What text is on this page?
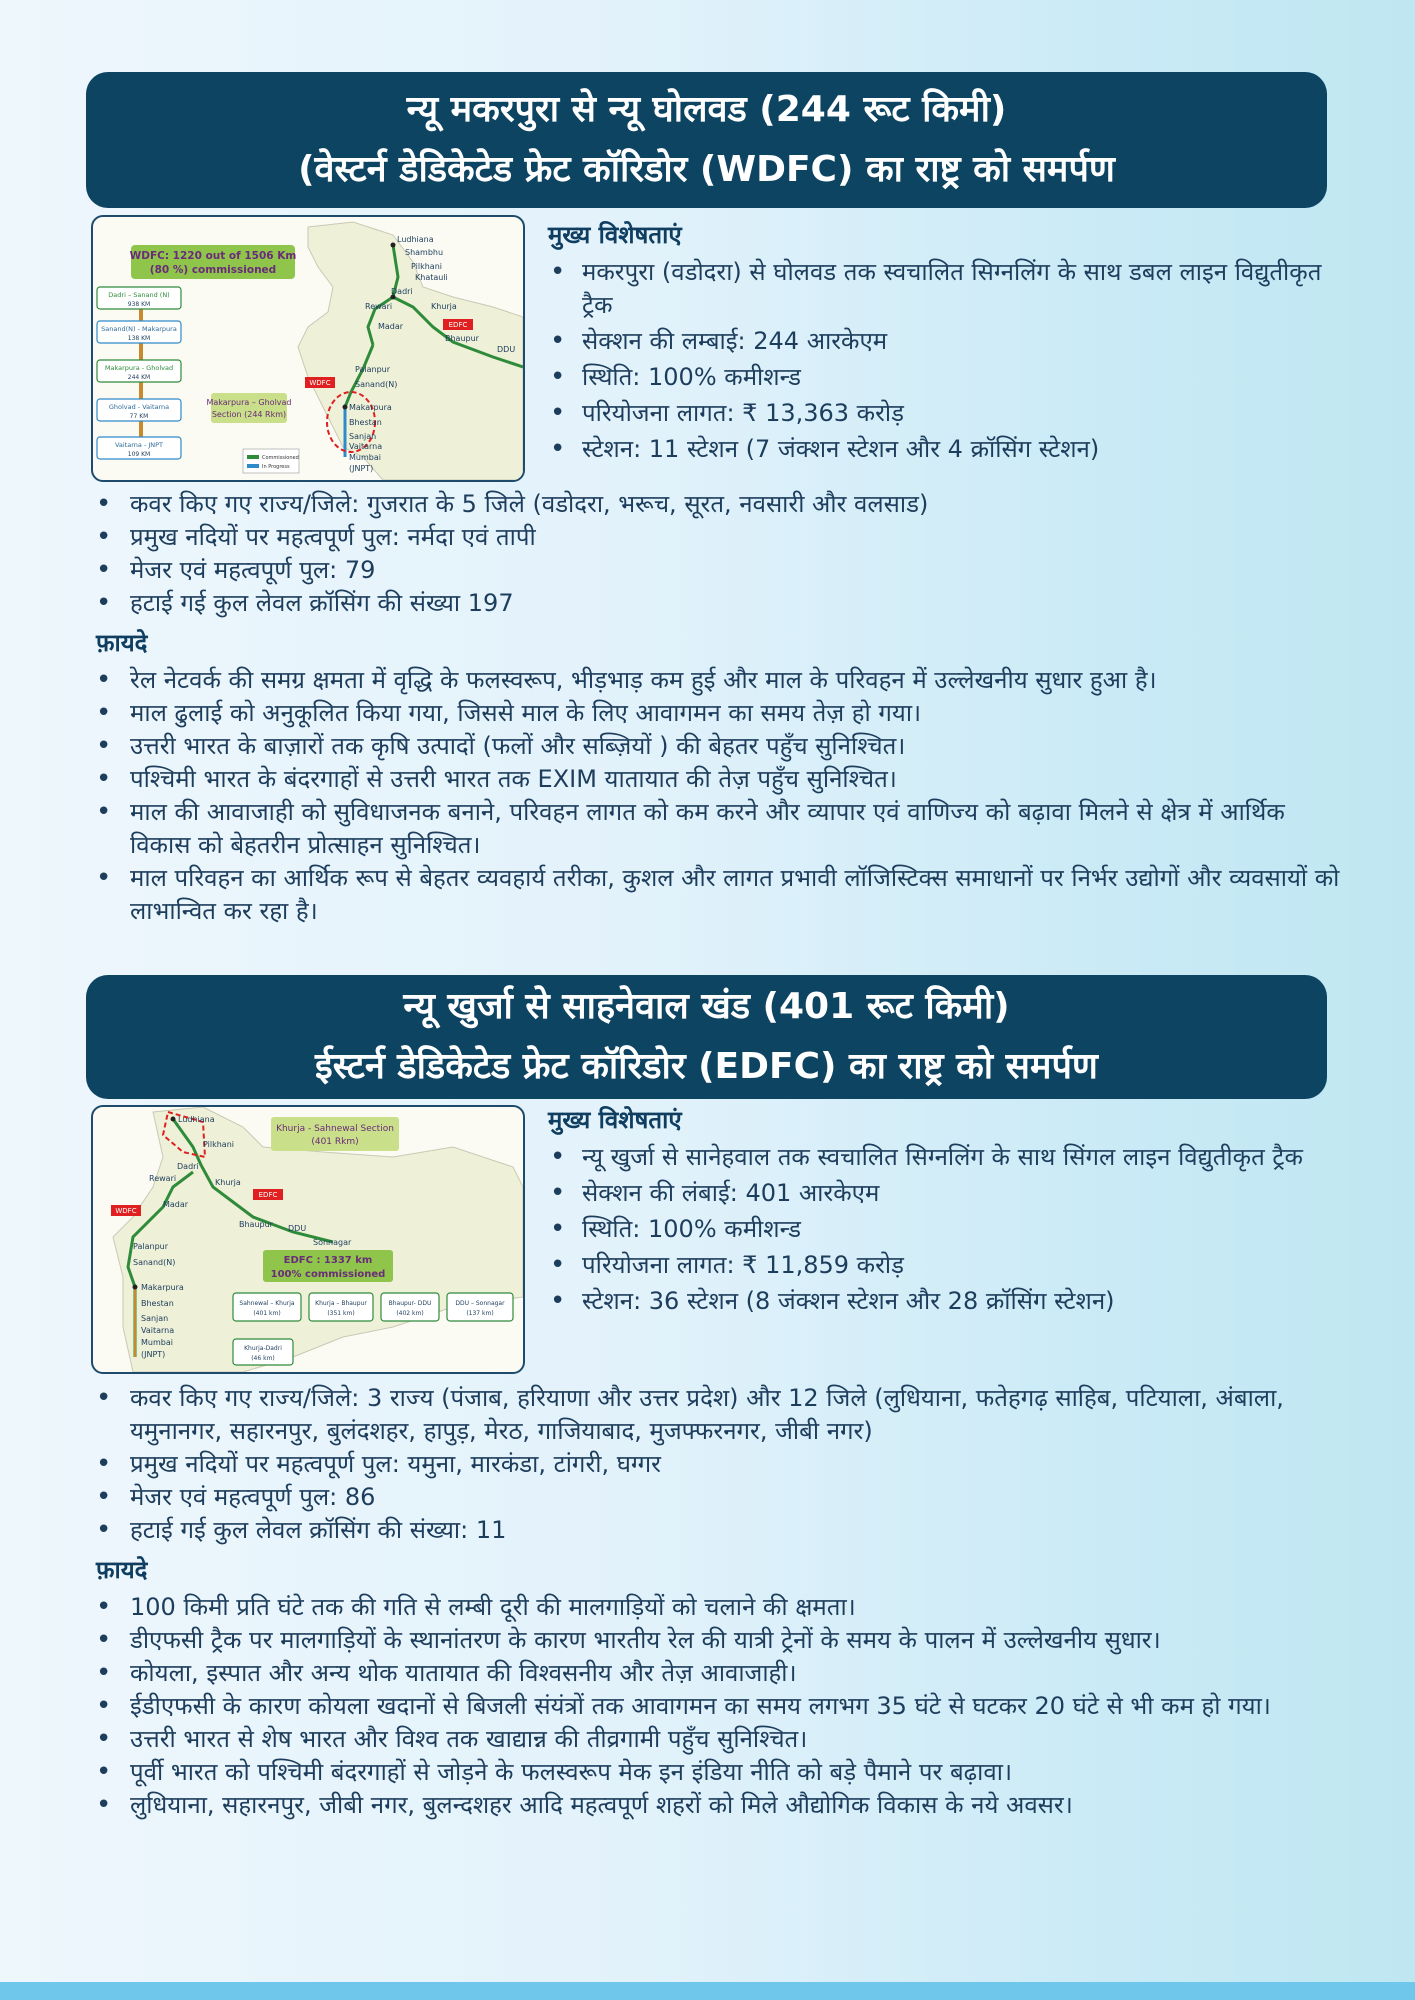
न्यू मकरपुरा से न्यू घोलवड (244 रूट किमी)
(वेस्टर्न डेडिकेटेड फ्रेट कॉरिडोर (WDFC) का राष्ट्र को समर्पण
WDFC: 1220 out of 1506 Km
(80 %) commissioned
Dadri – Sanand (N)
938 KM
Sanand(N) - Makarpura
138 KM
Makarpura - Gholvad
244 KM
Gholvad - Vaitarna
77 KM
Vaitarna - JNPT
109 KM
Makarpura – Gholvad
Section (244 Rkm)
Ludhiana
Shambhu
Pilkhani
Khatauli
Dadri
Rewari	Khurja
Madar
Bhaupur
DDU
Palanpur
Sanand(N)
Makarpura
Bhestan
Sanjan
Vaitarna
Mumbai
(JNPT)
EDFC
WDFC
Commissioned
In Progress
मुख्य विशेषताएं
• मकरपुरा (वडोदरा) से घोलवड तक स्वचालित सिग्नलिंग के साथ डबल लाइन विद्युतीकृत ट्रैक
• सेक्शन की लम्बाई: 244 आरकेएम
• स्थिति: 100% कमीशन्ड
• परियोजना लागत: ₹ 13,363 करोड़
• स्टेशन: 11 स्टेशन (7 जंक्शन स्टेशन और 4 क्रॉसिंग स्टेशन)
• कवर किए गए राज्य/जिले: गुजरात के 5 जिले (वडोदरा, भरूच, सूरत, नवसारी और वलसाड)
• प्रमुख नदियों पर महत्वपूर्ण पुल: नर्मदा एवं तापी
• मेजर एवं महत्वपूर्ण पुल: 79
• हटाई गई कुल लेवल क्रॉसिंग की संख्या 197
फ़ायदे
• रेल नेटवर्क की समग्र क्षमता में वृद्धि के फलस्वरूप, भीड़भाड़ कम हुई और माल के परिवहन में उल्लेखनीय सुधार हुआ है।
• माल ढुलाई को अनुकूलित किया गया, जिससे माल के लिए आवागमन का समय तेज़ हो गया।
• उत्तरी भारत के बाज़ारों तक कृषि उत्पादों (फलों और सब्ज़ियों ) की बेहतर पहुँच सुनिश्चित।
• पश्चिमी भारत के बंदरगाहों से उत्तरी भारत तक EXIM यातायात की तेज़ पहुँच सुनिश्चित।
• माल की आवाजाही को सुविधाजनक बनाने, परिवहन लागत को कम करने और व्यापार एवं वाणिज्य को बढ़ावा मिलने से क्षेत्र में आर्थिक विकास को बेहतरीन प्रोत्साहन सुनिश्चित।
• माल परिवहन का आर्थिक रूप से बेहतर व्यवहार्य तरीका, कुशल और लागत प्रभावी लॉजिस्टिक्स समाधानों पर निर्भर उद्योगों और व्यवसायों को लाभान्वित कर रहा है।
न्यू खुर्जा से साहनेवाल खंड (401 रूट किमी)
ईस्टर्न डेडिकेटेड फ्रेट कॉरिडोर (EDFC) का राष्ट्र को समर्पण
Khurja - Sahnewal Section
(401 Rkm)
EDFC : 1337 km
100% commissioned
Sahnewal – Khurja
(401 km)
Khurja – Bhaupur
(351 km)
Bhaupur- DDU
(402 km)
DDU – Sonnagar
(137 km)
Khurja-Dadri
(46 km)
Ludhiana
Pilkhani
Dadri
Rewari	Khurja
Madar
Bhaupur DDU
Sonnagar
Palanpur
Sanand(N)
Makarpura
Bhestan
Sanjan
Vaitarna
Mumbai
(JNPT)
EDFC
WDFC
मुख्य विशेषताएं
• न्यू खुर्जा से सानेहवाल तक स्वचालित सिग्नलिंग के साथ सिंगल लाइन विद्युतीकृत ट्रैक
• सेक्शन की लंबाई: 401 आरकेएम
• स्थिति: 100% कमीशन्ड
• परियोजना लागत: ₹ 11,859 करोड़
• स्टेशन: 36 स्टेशन (8 जंक्शन स्टेशन और 28 क्रॉसिंग स्टेशन)
• कवर किए गए राज्य/जिले: 3 राज्य (पंजाब, हरियाणा और उत्तर प्रदेश) और 12 जिले (लुधियाना, फतेहगढ़ साहिब, पटियाला, अंबाला, यमुनानगर, सहारनपुर, बुलंदशहर, हापुड़, मेरठ, गाजियाबाद, मुजफ्फरनगर, जीबी नगर)
• प्रमुख नदियों पर महत्वपूर्ण पुल: यमुना, मारकंडा, टांगरी, घग्गर
• मेजर एवं महत्वपूर्ण पुल: 86
• हटाई गई कुल लेवल क्रॉसिंग की संख्या: 11
फ़ायदे
• 100 किमी प्रति घंटे तक की गति से लम्बी दूरी की मालगाड़ियों को चलाने की क्षमता।
• डीएफसी ट्रैक पर मालगाड़ियों के स्थानांतरण के कारण भारतीय रेल की यात्री ट्रेनों के समय के पालन में उल्लेखनीय सुधार।
• कोयला, इस्पात और अन्य थोक यातायात की विश्वसनीय और तेज़ आवाजाही।
• ईडीएफसी के कारण कोयला खदानों से बिजली संयंत्रों तक आवागमन का समय लगभग 35 घंटे से घटकर 20 घंटे से भी कम हो गया।
• उत्तरी भारत से शेष भारत और विश्व तक खाद्यान्न की तीव्रगामी पहुँच सुनिश्चित।
• पूर्वी भारत को पश्चिमी बंदरगाहों से जोड़ने के फलस्वरूप मेक इन इंडिया नीति को बड़े पैमाने पर बढ़ावा।
• लुधियाना, सहारनपुर, जीबी नगर, बुलन्दशहर आदि महत्वपूर्ण शहरों को मिले औद्योगिक विकास के नये अवसर।
